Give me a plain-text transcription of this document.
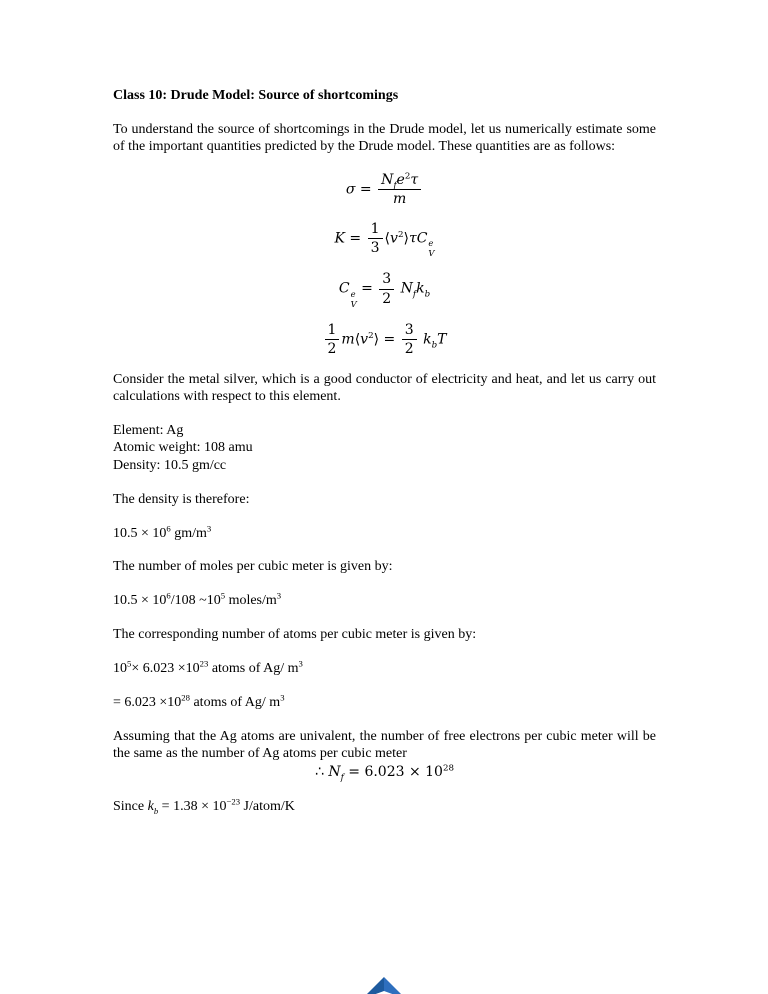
Class 10: Drude Model: Source of shortcomings

To understand the source of shortcomings in the Drude model, let us numerically estimate some of the important quantities predicted by the Drude model. These quantities are as follows:

$\sigma = \frac{N_fe^2\tau}{m}$
$K = \frac{1}{3}$ $⟨v^2⟩\tau C$ e
V
C e
V
= $\frac{3}{2} N_fk_b$
$\frac{1}{2}$ $m⟨v^2⟩ = \frac{3}{2} k_bT$

Consider the metal silver, which is a good conductor of electricity and heat, and let us carry out calculations with respect to this element.

Element: Ag
Atomic weight: 108 amu
Density: 10.5 gm/cc

The density is therefore:

$10.5 \times 10^6$ $gm/m^3$

The number of moles per cubic meter is given by:

$10.5 \times 10^6/108$ $\sim 10^5$ moles/$m^3$

The corresponding number of atoms per cubic meter is given by:

$10^5\times 6.023 \times 10^{23}$ atoms of Ag/ $m^3$

= $6.023 \times 10^{28}$ atoms of Ag/ $m^3$

Assuming that the Ag atoms are univalent, the number of free electrons per cubic meter will be the same as the number of Ag atoms per cubic meter

∴ $N_f = 6.023 \times 10^{28}$

Since $k_b = 1.38 \times 10^{-23}$ J/atom/K
